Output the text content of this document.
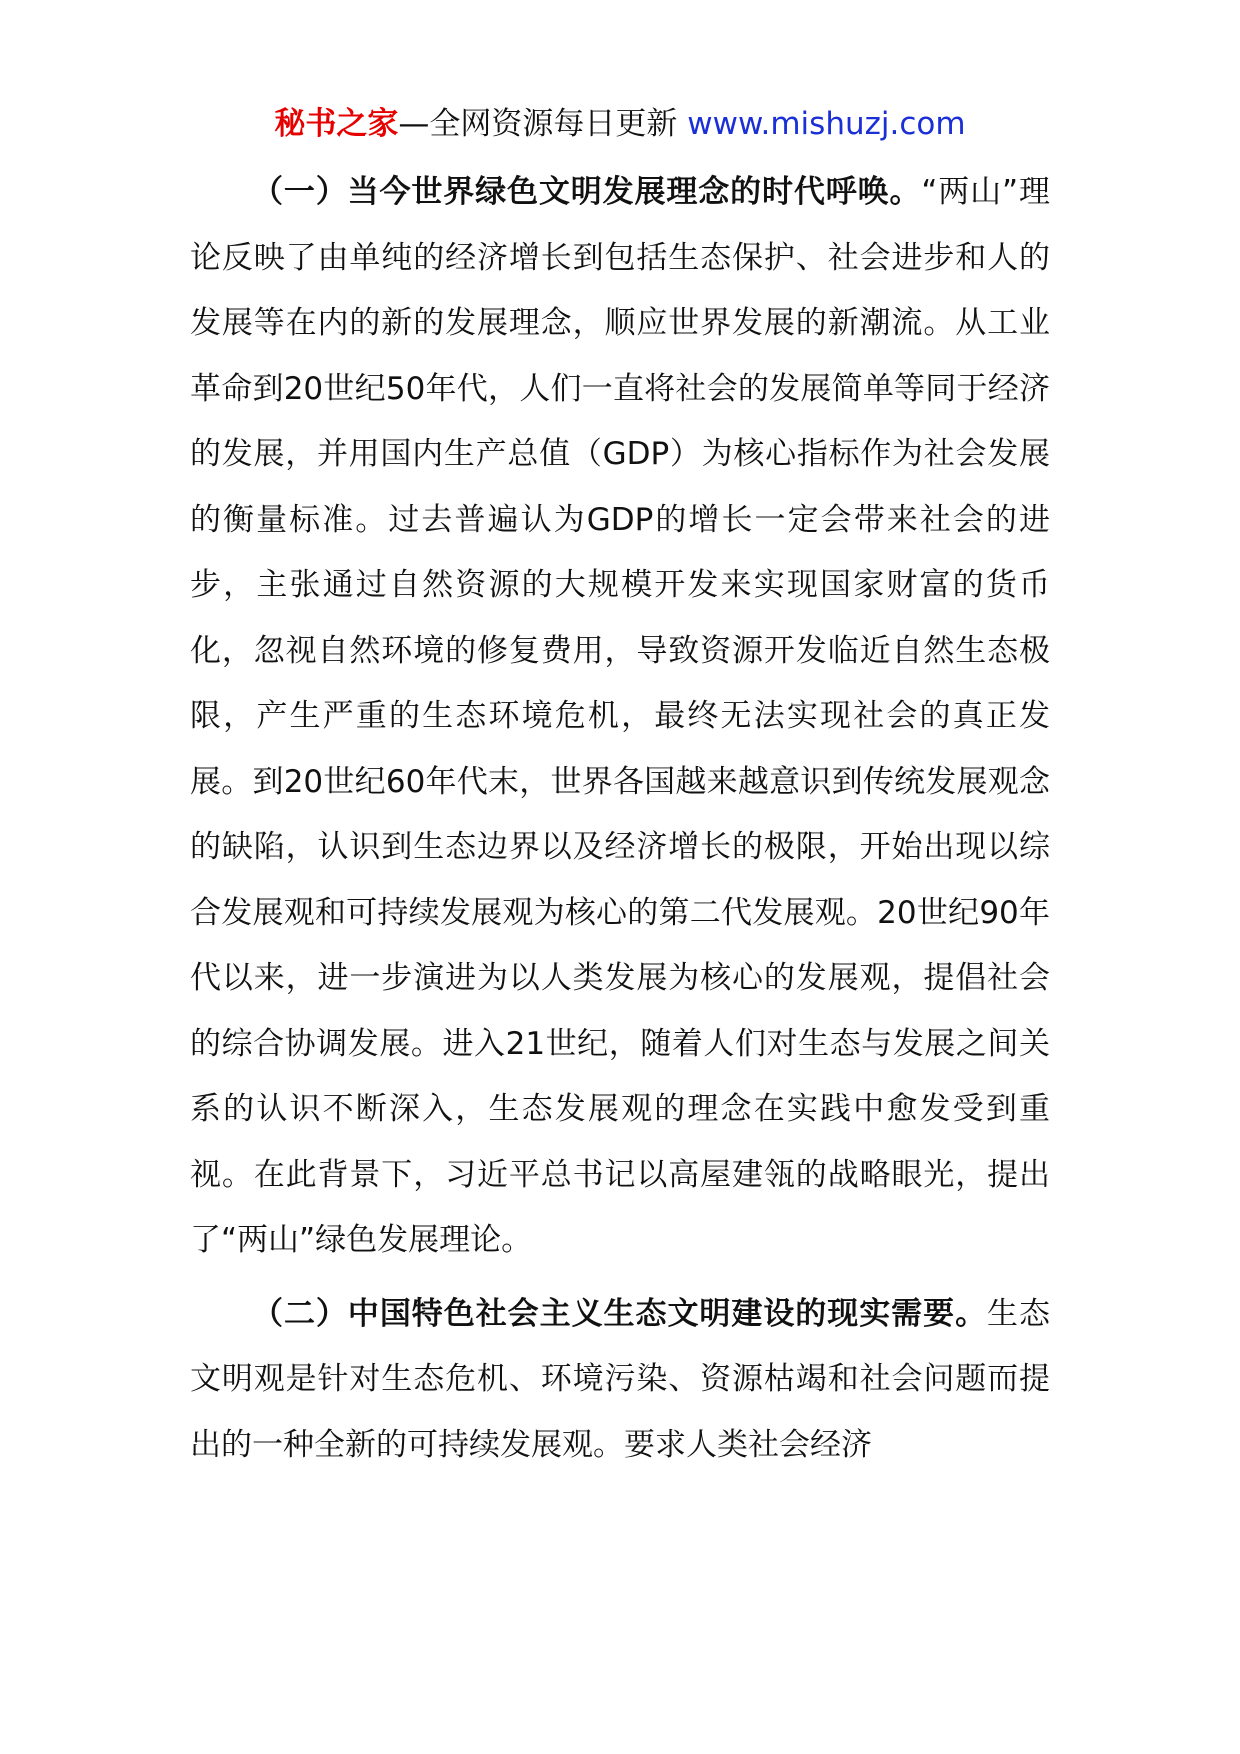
秘书之家—全网资源每日更新 www.mishuzj.com

（一）当今世界绿色文明发展理念的时代呼唤。“两山”理论反映了由单纯的经济增长到包括生态保护、社会进步和人的发展等在内的新的发展理念，顺应世界发展的新潮流。从工业革命到20世纪50年代，人们一直将社会的发展简单等同于经济的发展，并用国内生产总值（GDP）为核心指标作为社会发展的衡量标准。过去普遍认为GDP的增长一定会带来社会的进步，主张通过自然资源的大规模开发来实现国家财富的货币化，忽视自然环境的修复费用，导致资源开发临近自然生态极限，产生严重的生态环境危机，最终无法实现社会的真正发展。到20世纪60年代末，世界各国越来越意识到传统发展观念的缺陷，认识到生态边界以及经济增长的极限，开始出现以综合发展观和可持续发展观为核心的第二代发展观。20世纪90年代以来，进一步演进为以人类发展为核心的发展观，提倡社会的综合协调发展。进入21世纪，随着人们对生态与发展之间关系的认识不断深入，生态发展观的理念在实践中愈发受到重视。在此背景下，习近平总书记以高屋建瓴的战略眼光，提出了“两山”绿色发展理论。

（二）中国特色社会主义生态文明建设的现实需要。生态文明观是针对生态危机、环境污染、资源枯竭和社会问题而提出的一种全新的可持续发展观。要求人类社会经济
